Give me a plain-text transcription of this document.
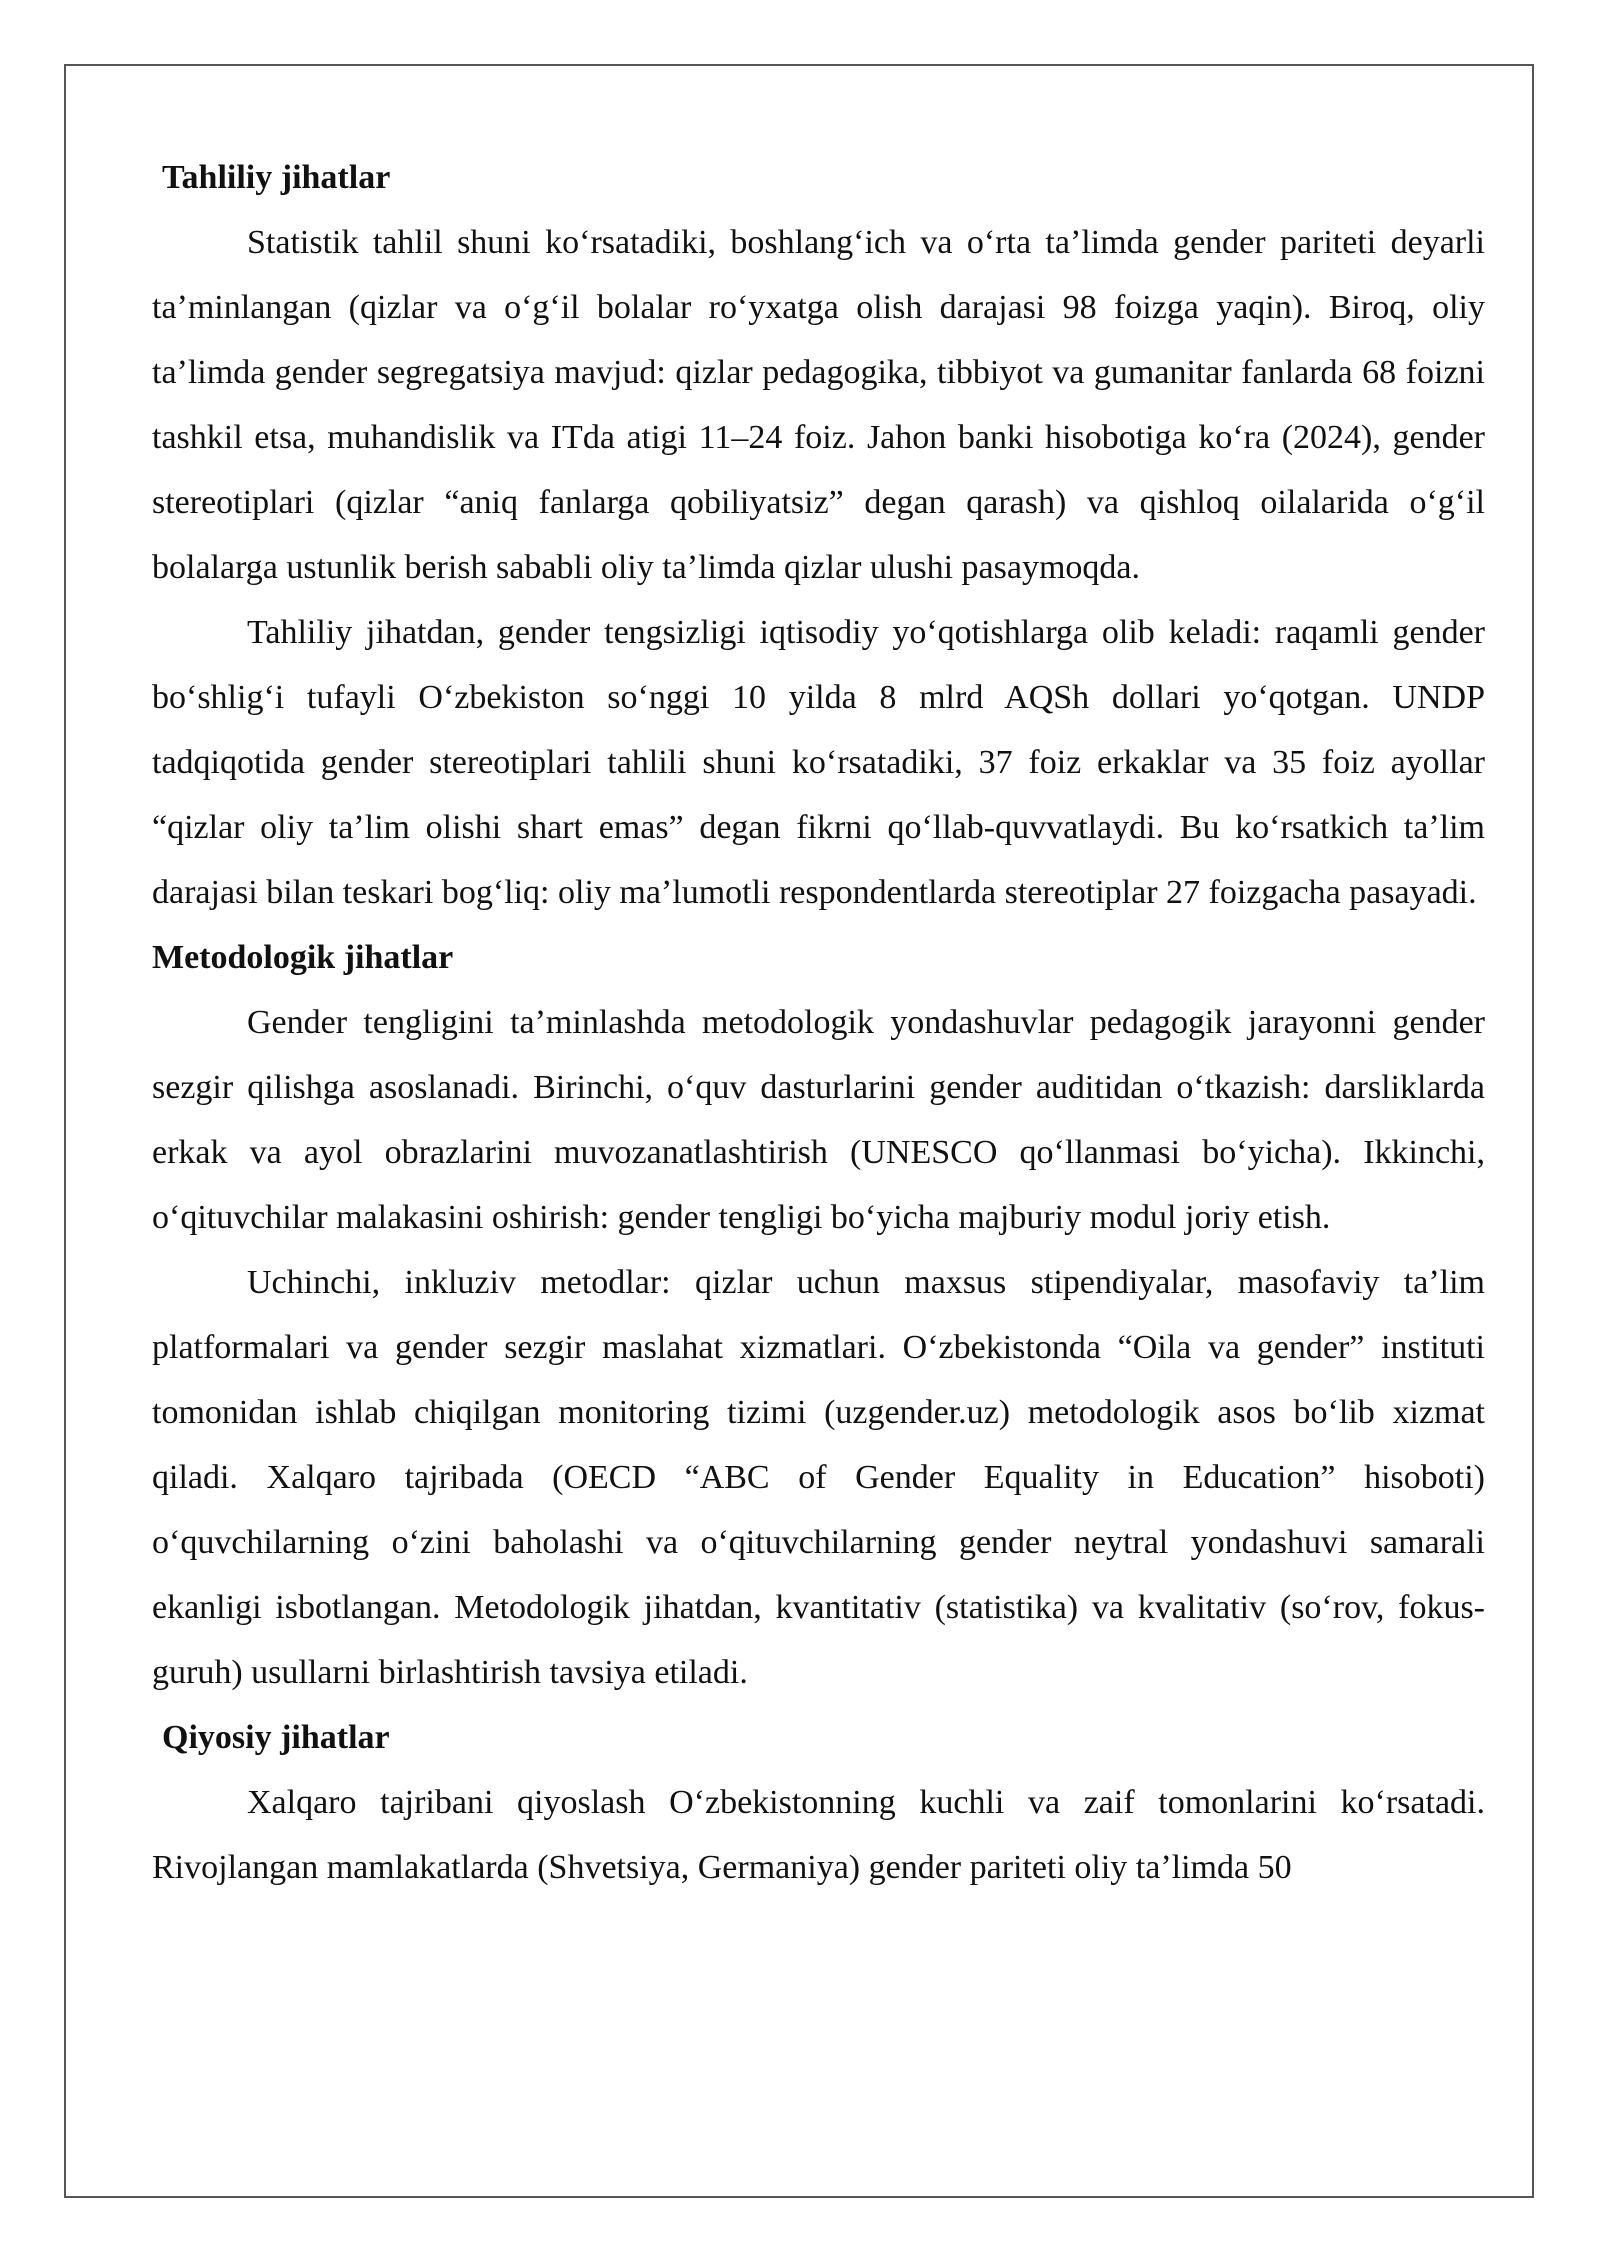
Tahliliy jihatlar

Statistik tahlil shuni koʻrsatadiki, boshlangʻich va oʻrta taʼlimda gender pariteti deyarli taʼminlangan (qizlar va oʻgʻil bolalar roʻyxatga olish darajasi 98 foizga yaqin). Biroq, oliy taʼlimda gender segregatsiya mavjud: qizlar pedagogika, tibbiyot va gumanitar fanlarda 68 foizni tashkil etsa, muhandislik va ITda atigi 11–24 foiz. Jahon banki hisobotiga koʻra (2024), gender stereotiplari (qizlar “aniq fanlarga qobiliyatsiz” degan qarash) va qishloq oilalarida oʻgʻil bolalarga ustunlik berish sababli oliy taʼlimda qizlar ulushi pasaymoqda.

Tahliliy jihatdan, gender tengsizligi iqtisodiy yoʻqotishlarga olib keladi: raqamli gender boʻshligʻi tufayli Oʻzbekiston soʻnggi 10 yilda 8 mlrd AQSh dollari yoʻqotgan. UNDP tadqiqotida gender stereotiplari tahlili shuni koʻrsatadiki, 37 foiz erkaklar va 35 foiz ayollar “qizlar oliy taʼlim olishi shart emas” degan fikrni qoʻllab-quvvatlaydi. Bu koʻrsatkich taʼlim darajasi bilan teskari bogʻliq: oliy maʼlumotli respondentlarda stereotiplar 27 foizgacha pasayadi.

Metodologik jihatlar

Gender tengligini taʼminlashda metodologik yondashuvlar pedagogik jarayonni gender sezgir qilishga asoslanadi. Birinchi, oʻquv dasturlarini gender auditidan oʻtkazish: darsliklarda erkak va ayol obrazlarini muvozanatlashtirish (UNESCO qoʻllanmasi boʻyicha). Ikkinchi, oʻqituvchilar malakasini oshirish: gender tengligi boʻyicha majburiy modul joriy etish.

Uchinchi, inkluziv metodlar: qizlar uchun maxsus stipendiyalar, masofaviy taʼlim platformalari va gender sezgir maslahat xizmatlari. Oʻzbekistonda “Oila va gender” instituti tomonidan ishlab chiqilgan monitoring tizimi (uzgender.uz) metodologik asos boʻlib xizmat qiladi. Xalqaro tajribada (OECD “ABC of Gender Equality in Education” hisoboti) oʻquvchilarning oʻzini baholashi va oʻqituvchilarning gender neytral yondashuvi samarali ekanligi isbotlangan. Metodologik jihatdan, kvantitativ (statistika) va kvalitativ (soʻrov, fokus-guruh) usullarni birlashtirish tavsiya etiladi.

Qiyosiy jihatlar

Xalqaro tajribani qiyoslash Oʻzbekistonning kuchli va zaif tomonlarini koʻrsatadi. Rivojlangan mamlakatlarda (Shvetsiya, Germaniya) gender pariteti oliy taʼlimda 50
